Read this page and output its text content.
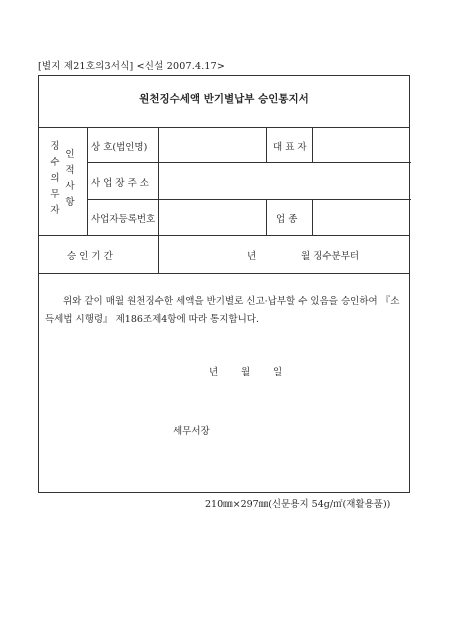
[별지 제21호의3서식] <신설 2007.4.17>
원천징수세액 반기별납부 승인통지서
징
수
의
무
자
인
적
사
항
상 호(법인명)	대 표 자
사 업 장 주 소
사업자등록번호	업 종
승 인 기 간	년	월 징수분부터
위와 같이 매월 원천징수한 세액을 반기별로 신고·납부할 수 있음을 승인하여 『소득세법 시행령』 제186조제4항에 따라 통지합니다.
년 월 일
세무서장
210㎜×297㎜(신문용지 54g/㎡(재활용품))
